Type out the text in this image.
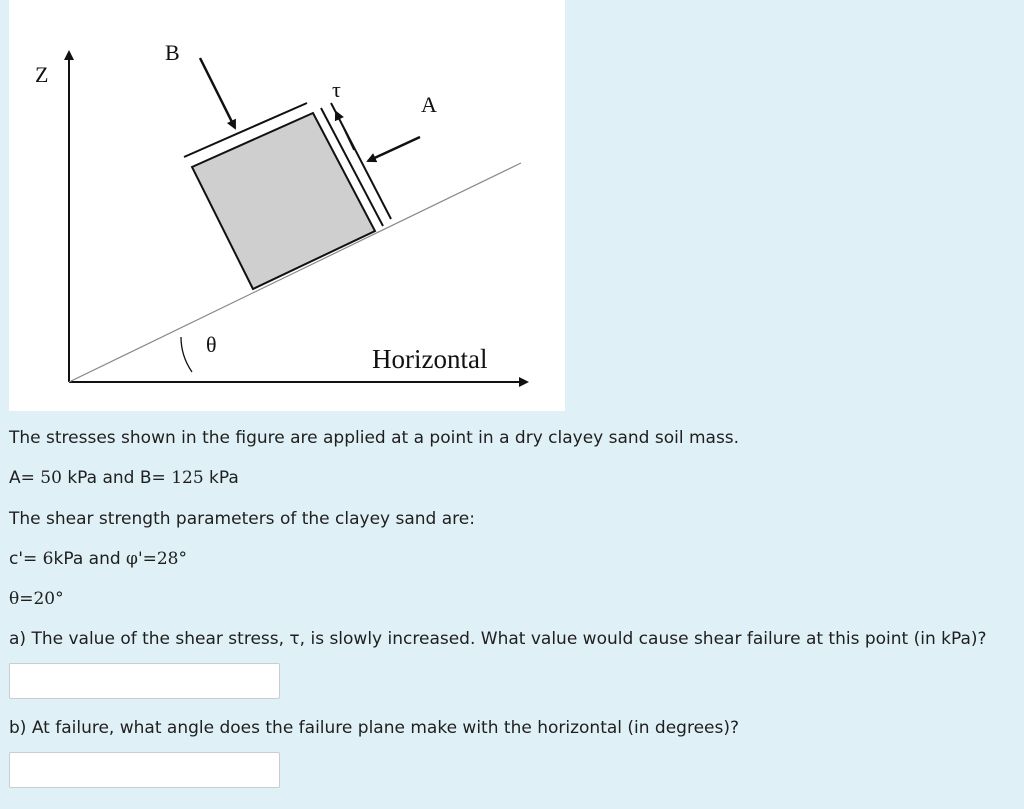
Z
B
τ
A
θ	Horizontal
The stresses shown in the figure are applied at a point in a dry clayey sand soil mass.
A= 50 kPa and B= 125 kPa
The shear strength parameters of the clayey sand are:
c'= 6kPa and φ'=28°
θ=20°
a) The value of the shear stress, τ, is slowly increased. What value would cause shear failure at this point (in kPa)?
b) At failure, what angle does the failure plane make with the horizontal (in degrees)?
